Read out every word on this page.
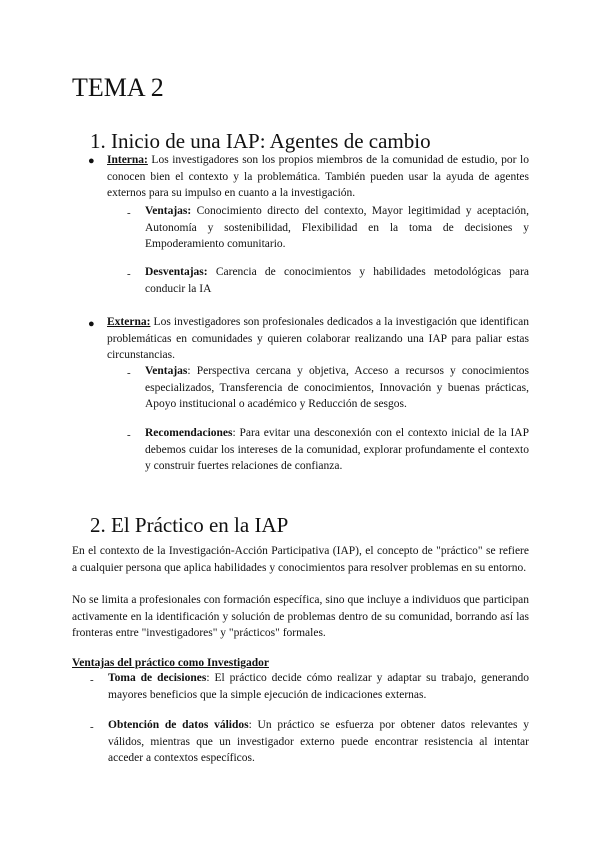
TEMA 2
1. Inicio de una IAP: Agentes de cambio
● Interna: Los investigadores son los propios miembros de la comunidad de estudio, por lo conocen bien el contexto y la problemática. También pueden usar la ayuda de agentes externos para su impulso en cuanto a la investigación.
- Ventajas: Conocimiento directo del contexto, Mayor legitimidad y aceptación, Autonomía y sostenibilidad, Flexibilidad en la toma de decisiones y Empoderamiento comunitario.
- Desventajas: Carencia de conocimientos y habilidades metodológicas para conducir la IA
● Externa: Los investigadores son profesionales dedicados a la investigación que identifican problemáticas en comunidades y quieren colaborar realizando una IAP para paliar estas circunstancias.
- Ventajas: Perspectiva cercana y objetiva, Acceso a recursos y conocimientos especializados, Transferencia de conocimientos, Innovación y buenas prácticas, Apoyo institucional o académico y Reducción de sesgos.
- Recomendaciones: Para evitar una desconexión con el contexto inicial de la IAP debemos cuidar los intereses de la comunidad, explorar profundamente el contexto y construir fuertes relaciones de confianza.
2. El Práctico en la IAP
En el contexto de la Investigación-Acción Participativa (IAP), el concepto de "práctico" se refiere a cualquier persona que aplica habilidades y conocimientos para resolver problemas en su entorno.
No se limita a profesionales con formación específica, sino que incluye a individuos que participan activamente en la identificación y solución de problemas dentro de su comunidad, borrando así las fronteras entre "investigadores" y "prácticos" formales.
Ventajas del práctico como Investigador
- Toma de decisiones: El práctico decide cómo realizar y adaptar su trabajo, generando mayores beneficios que la simple ejecución de indicaciones externas.
- Obtención de datos válidos: Un práctico se esfuerza por obtener datos relevantes y válidos, mientras que un investigador externo puede encontrar resistencia al intentar acceder a contextos específicos.
